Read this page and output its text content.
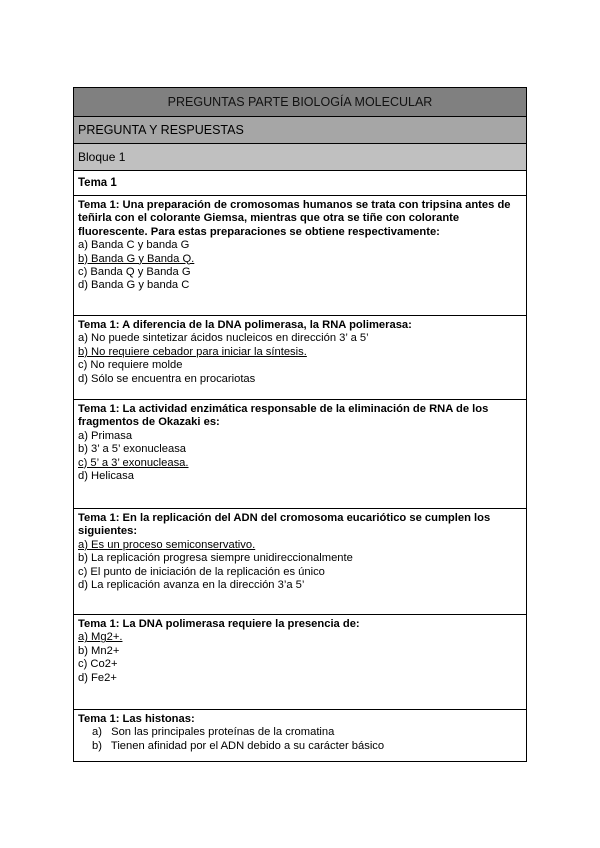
PREGUNTAS PARTE BIOLOGÍA MOLECULAR
PREGUNTA Y RESPUESTAS
Bloque 1
Tema 1
Tema 1: Una preparación de cromosomas humanos se trata con tripsina antes de teñirla con el colorante Giemsa, mientras que otra se tiñe con colorante fluorescente. Para estas preparaciones se obtiene respectivamente:
a) Banda C y banda G
b) Banda G y Banda Q.
c) Banda Q y Banda G
d) Banda G y banda C
Tema 1: A diferencia de la DNA polimerasa, la RNA polimerasa:
a) No puede sintetizar ácidos nucleicos en dirección 3’ a 5’
b) No requiere cebador para iniciar la síntesis.
c) No requiere molde
d) Sólo se encuentra en procariotas
Tema 1: La actividad enzimática responsable de la eliminación de RNA de los fragmentos de Okazaki es:
a) Primasa
b) 3’ a 5’ exonucleasa
c) 5’ a 3’ exonucleasa.
d) Helicasa
Tema 1: En la replicación del ADN del cromosoma eucariótico se cumplen los siguientes:
a) Es un proceso semiconservativo.
b) La replicación progresa siempre unidireccionalmente
c) El punto de iniciación de la replicación es único
d) La replicación avanza en la dirección 3’a 5’
Tema 1: La DNA polimerasa requiere la presencia de:
a) Mg2+.
b) Mn2+
c) Co2+
d) Fe2+
Tema 1: Las histonas:
a) Son las principales proteínas de la cromatina
b) Tienen afinidad por el ADN debido a su carácter básico
